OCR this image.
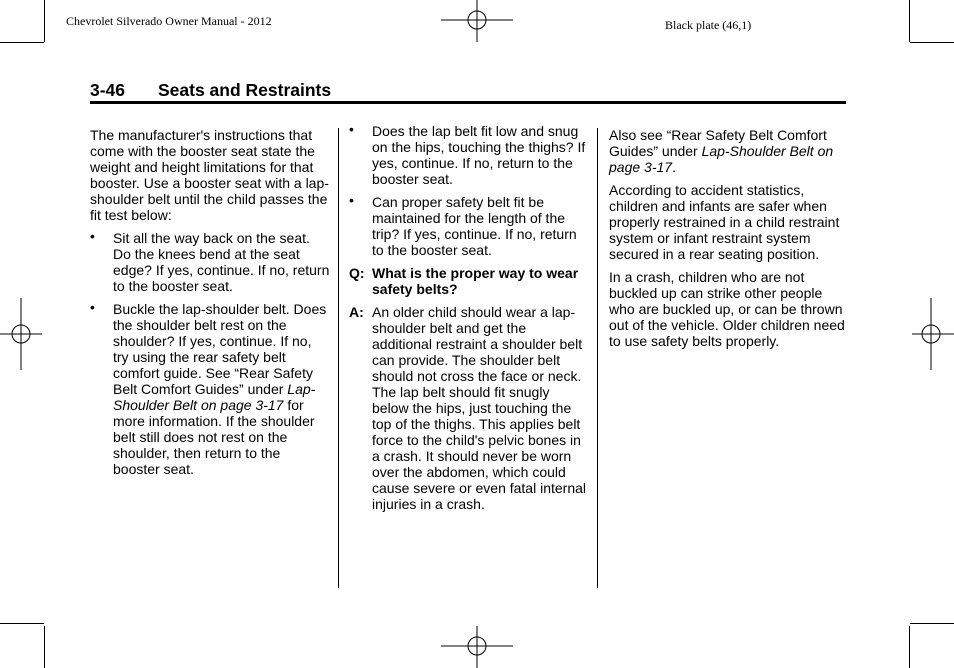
Chevrolet Silverado Owner Manual - 2012	Black plate (46,1)
3-46 Seats and Restraints

The manufacturer's instructions that come with the booster seat state the weight and height limitations for that booster. Use a booster seat with a lap-shoulder belt until the child passes the fit test below:

• Sit all the way back on the seat. Do the knees bend at the seat edge? If yes, continue. If no, return to the booster seat.
• Buckle the lap-shoulder belt. Does the shoulder belt rest on the shoulder? If yes, continue. If no, try using the rear safety belt comfort guide. See “Rear Safety Belt Comfort Guides” under Lap-Shoulder Belt on page 3-17 for more information. If the shoulder belt still does not rest on the shoulder, then return to the booster seat.
• Does the lap belt fit low and snug on the hips, touching the thighs? If yes, continue. If no, return to the booster seat.
• Can proper safety belt fit be maintained for the length of the trip? If yes, continue. If no, return to the booster seat.
Q: What is the proper way to wear safety belts?
A: An older child should wear a lap-shoulder belt and get the additional restraint a shoulder belt can provide. The shoulder belt should not cross the face or neck. The lap belt should fit snugly below the hips, just touching the top of the thighs. This applies belt force to the child's pelvic bones in a crash. It should never be worn over the abdomen, which could cause severe or even fatal internal injuries in a crash.

Also see “Rear Safety Belt Comfort Guides” under Lap-Shoulder Belt on page 3-17.

According to accident statistics, children and infants are safer when properly restrained in a child restraint system or infant restraint system secured in a rear seating position.

In a crash, children who are not buckled up can strike other people who are buckled up, or can be thrown out of the vehicle. Older children need to use safety belts properly.
